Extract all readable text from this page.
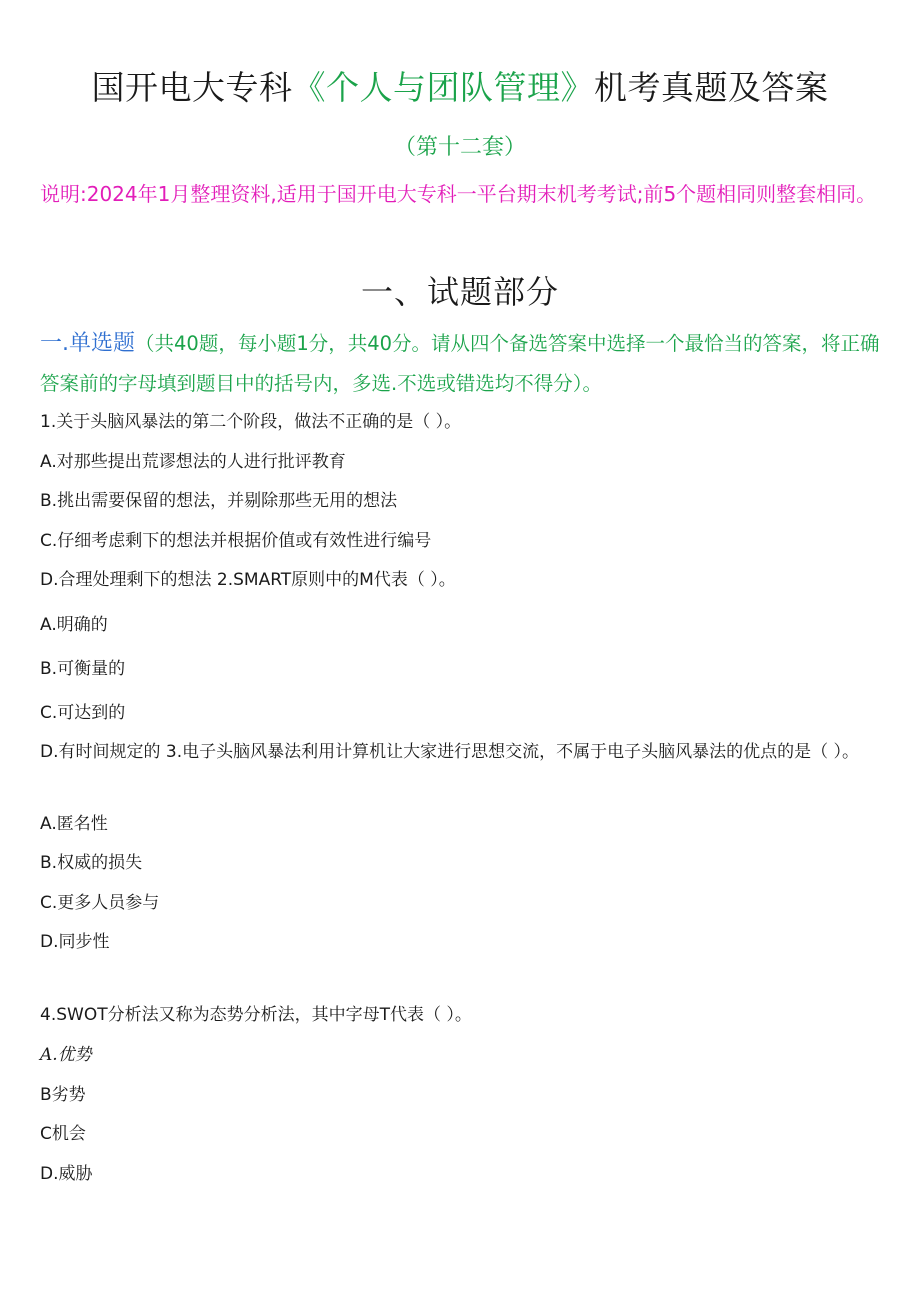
国开电大专科《个人与团队管理》机考真题及答案
（第十二套）
说明:2024年1月整理资料,适用于国开电大专科一平台期末机考考试;前5个题相同则整套相同。
一、试题部分
一.单选题（共40题，每小题1分，共40分。请从四个备选答案中选择一个最恰当的答案，将正确答案前的字母填到题目中的括号内，多选.不选或错选均不得分）。
1.关于头脑风暴法的第二个阶段，做法不正确的是（ ）。
A.对那些提出荒谬想法的人进行批评教育
B.挑出需要保留的想法，并剔除那些无用的想法
C.仔细考虑剩下的想法并根据价值或有效性进行编号
D.合理处理剩下的想法 2.SMART原则中的M代表（ ）。
A.明确的
B.可衡量的
C.可达到的
D.有时间规定的 3.电子头脑风暴法利用计算机让大家进行思想交流，不属于电子头脑风暴法的优点的是（ ）。
A.匿名性
B.权威的损失
C.更多人员参与
D.同步性
4.SWOT分析法又称为态势分析法，其中字母T代表（ ）。
A.优势
B劣势
C机会
D.威胁
